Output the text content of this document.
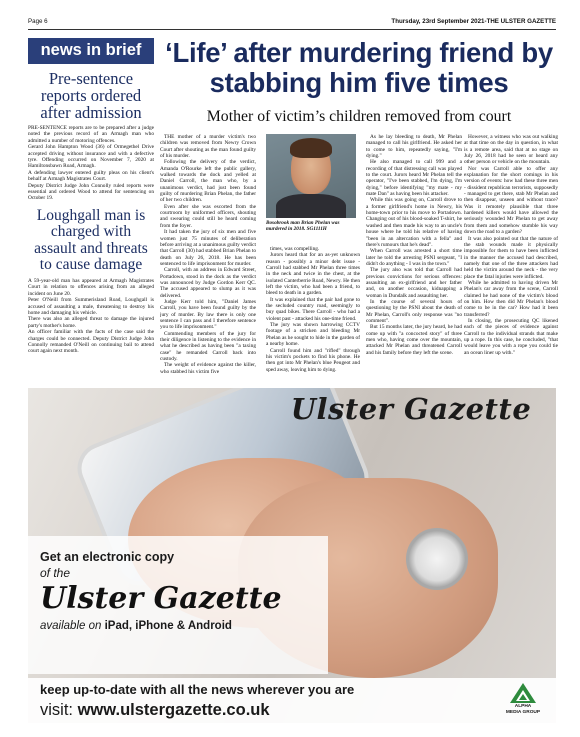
Page 6	Thursday, 23rd September 2021-THE ULSTER GAZETTE
news in brief
Pre-sentence reports ordered after admission

PRE-SENTENCE reports are to be prepared after a judge noted the previous record of an Armagh man who admitted a number of motoring offences.

Gerard John Hampton Wood (36) of Ormegethel Drive accepted driving without insurance and with a defective tyre. Offending occurred on November 7, 2020 at Hamiltonsbawn Road, Armagh.

A defending lawyer entered guilty pleas on his client's behalf at Armagh Magistrates Court.

Deputy District Judge John Connolly ruled reports were essential and ordered Wood to attend for sentencing on October 19.

Loughgall man is charged with assault and threats to cause damage

A 59-year-old man has appeared at Armagh Magistrates Court in relation to offences arising from an alleged incident on June 20.

Peter O'Neill from Summerisland Road, Loughgall is accused of assaulting a male, threatening to destroy his home and damaging his vehicle.

There was also an alleged threat to damage the injured party's mother's home.

An officer familiar with the facts of the case said the charges could be connected. Deputy District Judge John Connolly remanded O'Neill on continuing bail to attend court again next month.

‘Life’ after murdering friend by stabbing him five times
Mother of victim’s children removed from court

THE mother of a murder victim's two children was removed from Newry Crown Court after shouting as the man found guilty of his murder.

Following the delivery of the verdict, Amanda O'Rourke left the public gallery, walked towards the dock and yelled at Daniel Carroll, the man who, by a unanimous verdict, had just been found guilty of murdering Brian Phelan, the father of her two children.

Even after she was escorted from the courtroom by uniformed officers, shouting and swearing could still be heard coming from the foyer.

It had taken the jury of six men and five women just 75 minutes of deliberation before arriving at a unanimous guilty verdict that Carroll (30) had stabbed Brian Phelan to death on July 26, 2018. He has been sentenced to life imprisonment for murder.

Carroll, with an address in Edward Street, Portadown, stood in the dock as the verdict was announced by Judge Gordon Kerr QC. The accused appeared to slump as it was delivered.

Judge Kerr told him, "Daniel James Carroll, you have been found guilty by the jury of murder. By law there is only one sentence I can pass and I therefore sentence you to life imprisonment."

Commending members of the jury for their diligence in listening to the evidence in what he described as having been "a taxing case" he remanded Carroll back into custody.

The weight of evidence against the killer, who stabbed his victim five

Bosobrook man Brian Phelan was murdered in 2018. SG1111H

times, was compelling.

Jurors heard that for an as-yet unknown reason - possibly a minor debt issue - Carroll had stabbed Mr Phelan three times in the neck and twice in the chest, at the isolated Canterberrie Road, Newry. He then left the victim, who had been a friend, to bleed to death in a garden.

It was explained that the pair had gone to the secluded country road, seemingly to buy quad bikes. There Carroll - who had a violent past - attacked his one-time friend.

The jury was shown harrowing CCTV footage of a stricken and bleeding Mr Phelan as he sought to hide in the garden of a nearby home.

Carroll found him and "rifled" through his victim's pockets to find his phone. He then got into Mr Phelan's blue Peugeot and sped away, leaving him to dying.

As he lay bleeding to death, Mr Phelan managed to call his girlfriend. He asked her to come to him, repeatedly saying, "I'm dying."

He also managed to call 999 and a recording of that distressing call was played to the court. Jurors heard Mr Phelan tell the operator, "I've been stabbed, I'm dying, I'm dying," before identifying "my mate - my mate Dan" as having been his attacker.

While this was going on, Carroll drove to a former girlfriend's home in Newry, his home-town prior to his move to Portadown. Changing out of his blood-soaked T-shirt, he washed and then made his way to an uncle's house where he told his relative of having "been in an altercation with a fella" and there's rumours that he's dead".

When Carroll was arrested a short time later he told the arresting PSNI sergeant, "I didn't do anything - I was in the town."

The jury also was told that Carroll had previous convictions for serious offences: assaulting an ex-girlfriend and her father and, on another occasion, kidnapping a woman in Dundalk and assaulting her.

In the course of several hours of questioning by the PSNI about the death of Mr Phelan, Carroll's only response was "no comment".

But 15 months later, the jury heard, he had come up with "a concocted story" of three men who, having come over the mountain, attacked Mr Phelan and threatened Carroll and his family before they left the scene.

However, a witness who was out walking at that time on the day in question, in what is a remote area, said that at no stage on July 26, 2018 had he seen or heard any other person or vehicle on the mountain.

Nor was Carroll able to offer any explanation for the short comings in his version of events: how had these three men - dissident republican terrorists, supposedly - managed to get there, stab Mr Phelan and then disappear, unseen and without trace? Was it remotely plausible that three hardened killers would have allowed the seriously wounded Mr Phelan to get away from them and somehow stumble his way down the road to a garden?

It was also pointed out that the nature of the stab wounds made it physically impossible for them to have been inflicted in the manner the accused had described, namely that one of the three attackers had held the victim around the neck - the very place the fatal injuries were inflicted.

While he admitted to having driven Mr Phelan's car away from the scene, Carroll claimed he had none of the victim's blood on him. How then did Mr Phelan's blood come to be in the car? How had it been transferred?

In closing, the prosecuting QC likened each of the pieces of evidence against Carroll to the individual strands that make up a rope. In this case, he concluded, "that would leave you with a rope you could tie an ocean liner up with."

Ulster Gazette
Get an electronic copy
of the
Ulster Gazette
available on iPad, iPhone & Android
keep up-to-date with all the news wherever you are
visit: www.ulstergazette.co.uk	ALPHA
MEDIA GROUP
